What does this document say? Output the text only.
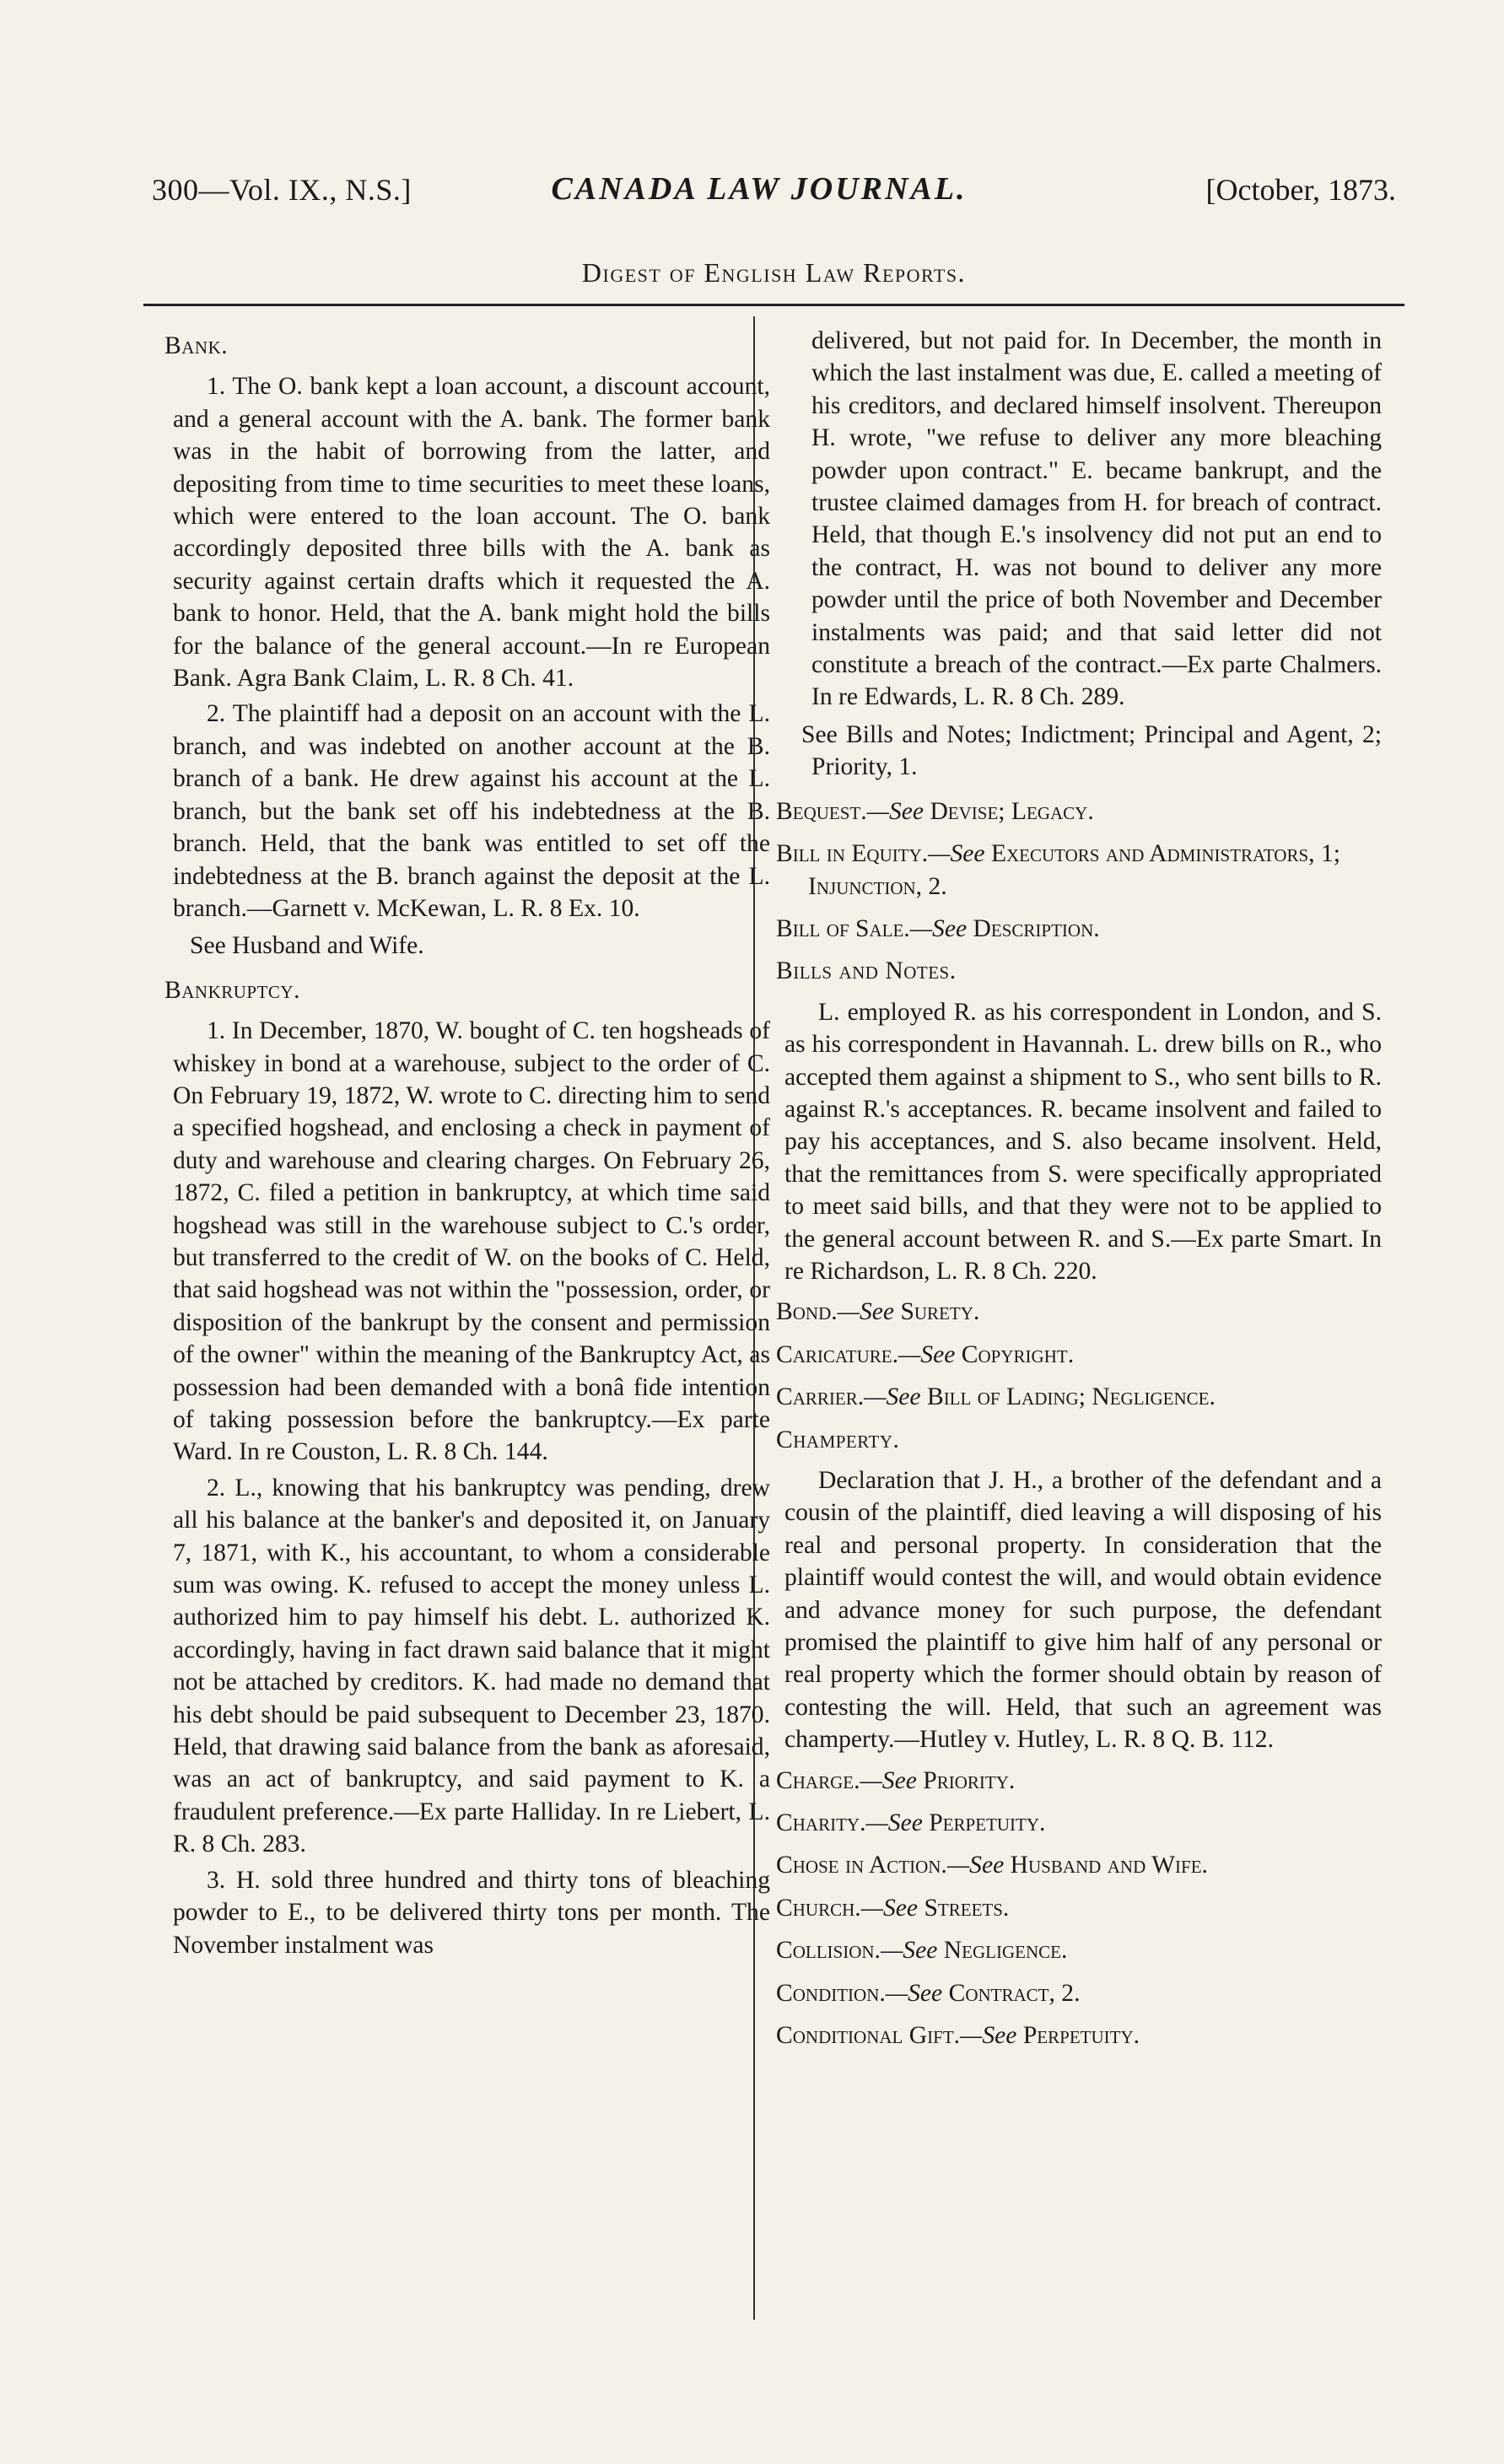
300—Vol. IX., N.S.]	CANADA LAW JOURNAL.	[October, 1873.
Digest of English Law Reports.
Bank.

1. The O. bank kept a loan account, a discount account, and a general account with the A. bank. The former bank was in the habit of borrowing from the latter, and depositing from time to time securities to meet these loans, which were entered to the loan account. The O. bank accordingly deposited three bills with the A. bank as security against certain drafts which it requested the A. bank to honor. Held, that the A. bank might hold the bills for the balance of the general account.—In re European Bank. Agra Bank Claim, L. R. 8 Ch. 41.

2. The plaintiff had a deposit on an account with the L. branch, and was indebted on another account at the B. branch of a bank. He drew against his account at the L. branch, but the bank set off his indebtedness at the B. branch. Held, that the bank was entitled to set off the indebtedness at the B. branch against the deposit at the L. branch.—Garnett v. McKewan, L. R. 8 Ex. 10.

See Husband and Wife.

Bankruptcy.

1. In December, 1870, W. bought of C. ten hogsheads of whiskey in bond at a warehouse, subject to the order of C. On February 19, 1872, W. wrote to C. directing him to send a specified hogshead, and enclosing a check in payment of duty and warehouse and clearing charges. On February 26, 1872, C. filed a petition in bankruptcy, at which time said hogshead was still in the warehouse subject to C.'s order, but transferred to the credit of W. on the books of C. Held, that said hogshead was not within the "possession, order, or disposition of the bankrupt by the consent and permission of the owner" within the meaning of the Bankruptcy Act, as possession had been demanded with a bonâ fide intention of taking possession before the bankruptcy.—Ex parte Ward. In re Couston, L. R. 8 Ch. 144.

2. L., knowing that his bankruptcy was pending, drew all his balance at the banker's and deposited it, on January 7, 1871, with K., his accountant, to whom a considerable sum was owing. K. refused to accept the money unless L. authorized him to pay himself his debt. L. authorized K. accordingly, having in fact drawn said balance that it might not be attached by creditors. K. had made no demand that his debt should be paid subsequent to December 23, 1870. Held, that drawing said balance from the bank as aforesaid, was an act of bankruptcy, and said payment to K. a fraudulent preference.—Ex parte Halliday. In re Liebert, L. R. 8 Ch. 283.

3. H. sold three hundred and thirty tons of bleaching powder to E., to be delivered thirty tons per month. The November instalment was

delivered, but not paid for. In December, the month in which the last instalment was due, E. called a meeting of his creditors, and declared himself insolvent. Thereupon H. wrote, "we refuse to deliver any more bleaching powder upon contract." E. became bankrupt, and the trustee claimed damages from H. for breach of contract. Held, that though E.'s insolvency did not put an end to the contract, H. was not bound to deliver any more powder until the price of both November and December instalments was paid; and that said letter did not constitute a breach of the contract.—Ex parte Chalmers. In re Edwards, L. R. 8 Ch. 289.

See Bills and Notes; Indictment; Principal and Agent, 2; Priority, 1.

Bequest.—See Devise; Legacy.
Bill in Equity.—See Executors and Administrators, 1; Injunction, 2.
Bill of Sale.—See Description.
Bills and Notes.

L. employed R. as his correspondent in London, and S. as his correspondent in Havannah. L. drew bills on R., who accepted them against a shipment to S., who sent bills to R. against R.'s acceptances. R. became insolvent and failed to pay his acceptances, and S. also became insolvent. Held, that the remittances from S. were specifically appropriated to meet said bills, and that they were not to be applied to the general account between R. and S.—Ex parte Smart. In re Richardson, L. R. 8 Ch. 220.

Bond.—See Surety.
Caricature.—See Copyright.
Carrier.—See Bill of Lading; Negligence.
Champerty.

Declaration that J. H., a brother of the defendant and a cousin of the plaintiff, died leaving a will disposing of his real and personal property. In consideration that the plaintiff would contest the will, and would obtain evidence and advance money for such purpose, the defendant promised the plaintiff to give him half of any personal or real property which the former should obtain by reason of contesting the will. Held, that such an agreement was champerty.—Hutley v. Hutley, L. R. 8 Q. B. 112.

Charge.—See Priority.
Charity.—See Perpetuity.
Chose in Action.—See Husband and Wife.
Church.—See Streets.
Collision.—See Negligence.
Condition.—See Contract, 2.
Conditional Gift.—See Perpetuity.
